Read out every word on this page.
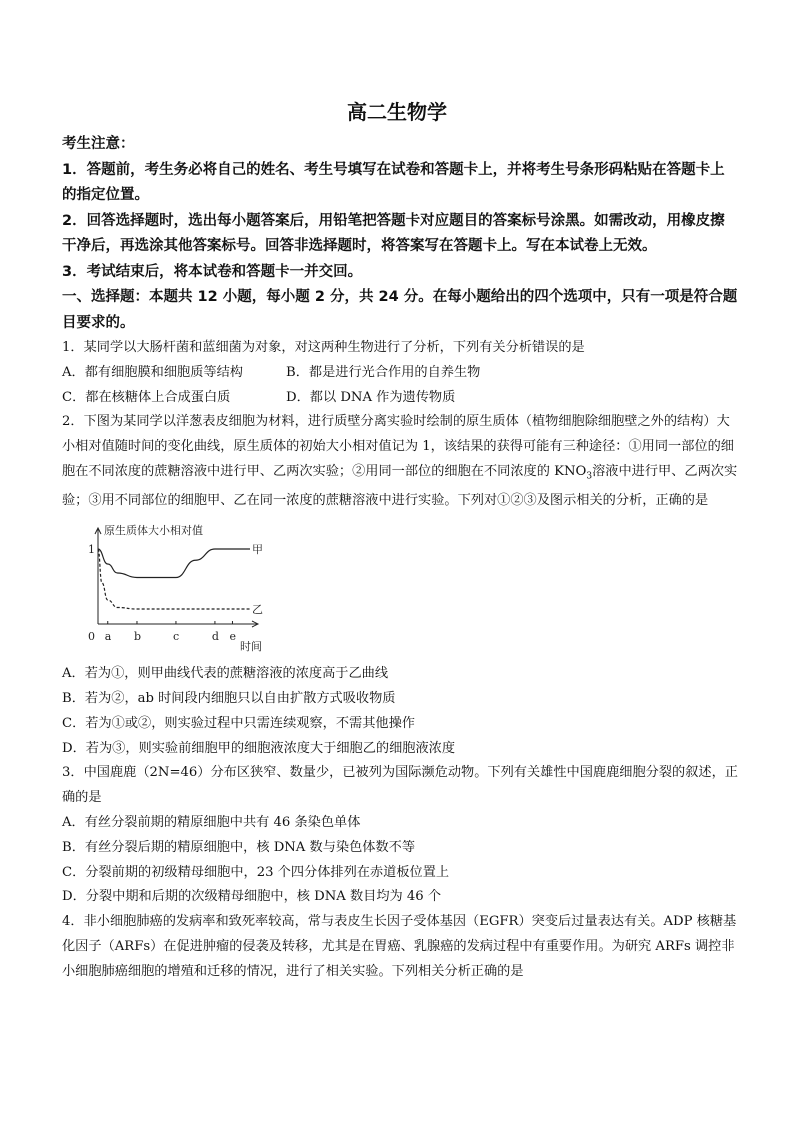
高二生物学

考生注意：

1．答题前，考生务必将自己的姓名、考生号填写在试卷和答题卡上，并将考生号条形码粘贴在答题卡上的指定位置。

2．回答选择题时，选出每小题答案后，用铅笔把答题卡对应题目的答案标号涂黑。如需改动，用橡皮擦干净后，再选涂其他答案标号。回答非选择题时，将答案写在答题卡上。写在本试卷上无效。

3．考试结束后，将本试卷和答题卡一并交回。

一、选择题：本题共 12 小题，每小题 2 分，共 24 分。在每小题给出的四个选项中，只有一项是符合题目要求的。

1．某同学以大肠杆菌和蓝细菌为对象，对这两种生物进行了分析，下列有关分析错误的是

A．都有细胞膜和细胞质等结构	B．都是进行光合作用的自养生物
C．都在核糖体上合成蛋白质	D．都以 DNA 作为遗传物质

2．下图为某同学以洋葱表皮细胞为材料，进行质壁分离实验时绘制的原生质体（植物细胞除细胞壁之外的结构）大小相对值随时间的变化曲线，原生质体的初始大小相对值记为 1，该结果的获得可能有三种途径：①用同一部位的细胞在不同浓度的蔗糖溶液中进行甲、乙两次实验；②用同一部位的细胞在不同浓度的 $KNO_3$溶液中进行甲、乙两次实验；③用不同部位的细胞甲、乙在同一浓度的蔗糖溶液中进行实验。下列对①②③及图示相关的分析，正确的是

原生质体大小相对值
时间
1
0 a b	c	d e
甲
乙

A．若为①，则甲曲线代表的蔗糖溶液的浓度高于乙曲线

B．若为②，ab 时间段内细胞只以自由扩散方式吸收物质

C．若为①或②，则实验过程中只需连续观察，不需其他操作

D．若为③，则实验前细胞甲的细胞液浓度大于细胞乙的细胞液浓度

3．中国鹿鹿（2N=46）分布区狭窄、数量少，已被列为国际濒危动物。下列有关雄性中国鹿鹿细胞分裂的叙述，正确的是

A．有丝分裂前期的精原细胞中共有 46 条染色单体

B．有丝分裂后期的精原细胞中，核 DNA 数与染色体数不等

C．分裂前期的初级精母细胞中，23 个四分体排列在赤道板位置上

D．分裂中期和后期的次级精母细胞中，核 DNA 数目均为 46 个

4．非小细胞肺癌的发病率和致死率较高，常与表皮生长因子受体基因（EGFR）突变后过量表达有关。ADP 核糖基化因子（ARFs）在促进肿瘤的侵袭及转移，尤其是在胃癌、乳腺癌的发病过程中有重要作用。为研究 ARFs 调控非小细胞肺癌细胞的增殖和迁移的情况，进行了相关实验。下列相关分析正确的是
